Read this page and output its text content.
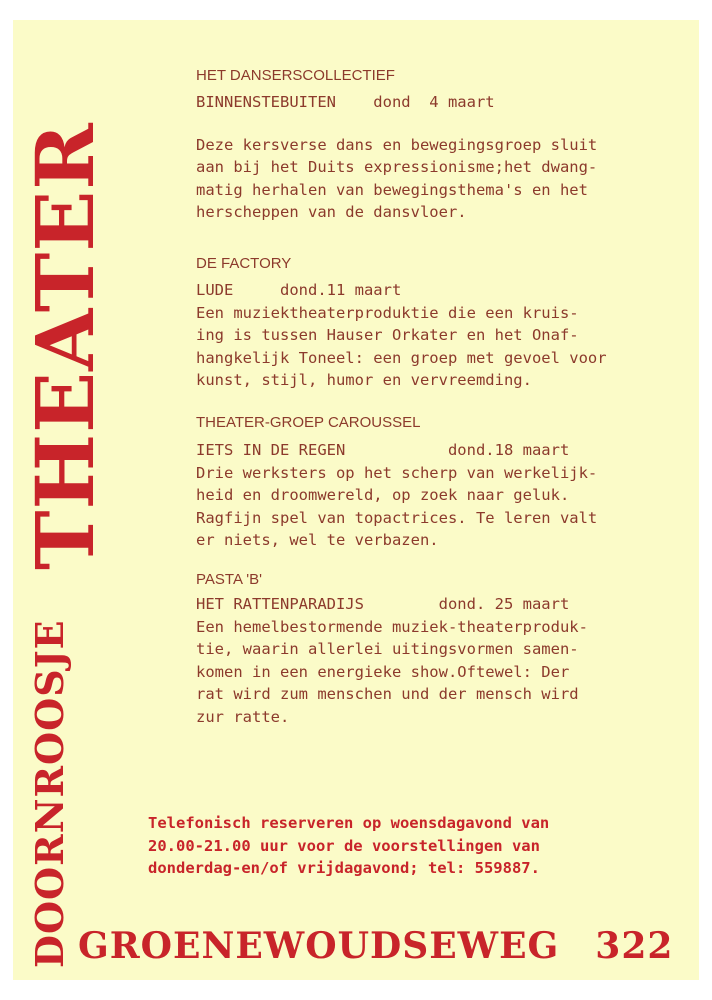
THEATER
DOORNROOSJE
HET DANSERSCOLLECTIEF
BINNENSTEBUITEN    dond  4 maart
Deze kersverse dans en bewegingsgroep sluit
aan bij het Duits expressionisme;het dwang-
matig herhalen van bewegingsthema's en het
herscheppen van de dansvloer.
DE FACTORY
LUDE     dond.11 maart
Een muziektheaterproduktie die een kruis-
ing is tussen Hauser Orkater en het Onaf-
hangkelijk Toneel: een groep met gevoel voor
kunst, stijl, humor en vervreemding.
THEATER-GROEP CAROUSSEL
IETS IN DE REGEN           dond.18 maart
Drie werksters op het scherp van werkelijk-
heid en droomwereld, op zoek naar geluk.
Ragfijn spel van topactrices. Te leren valt
er niets, wel te verbazen.
PASTA 'B'
HET RATTENPARADIJS        dond. 25 maart
Een hemelbestormende muziek-theaterproduk-
tie, waarin allerlei uitingsvormen samen-
komen in een energieke show.Oftewel: Der
rat wird zum menschen und der mensch wird
zur ratte.
Telefonisch reserveren op woensdagavond van
20.00-21.00 uur voor de voorstellingen van
donderdag-en/of vrijdagavond; tel: 559887.
GROENEWOUDSEWEG 322
